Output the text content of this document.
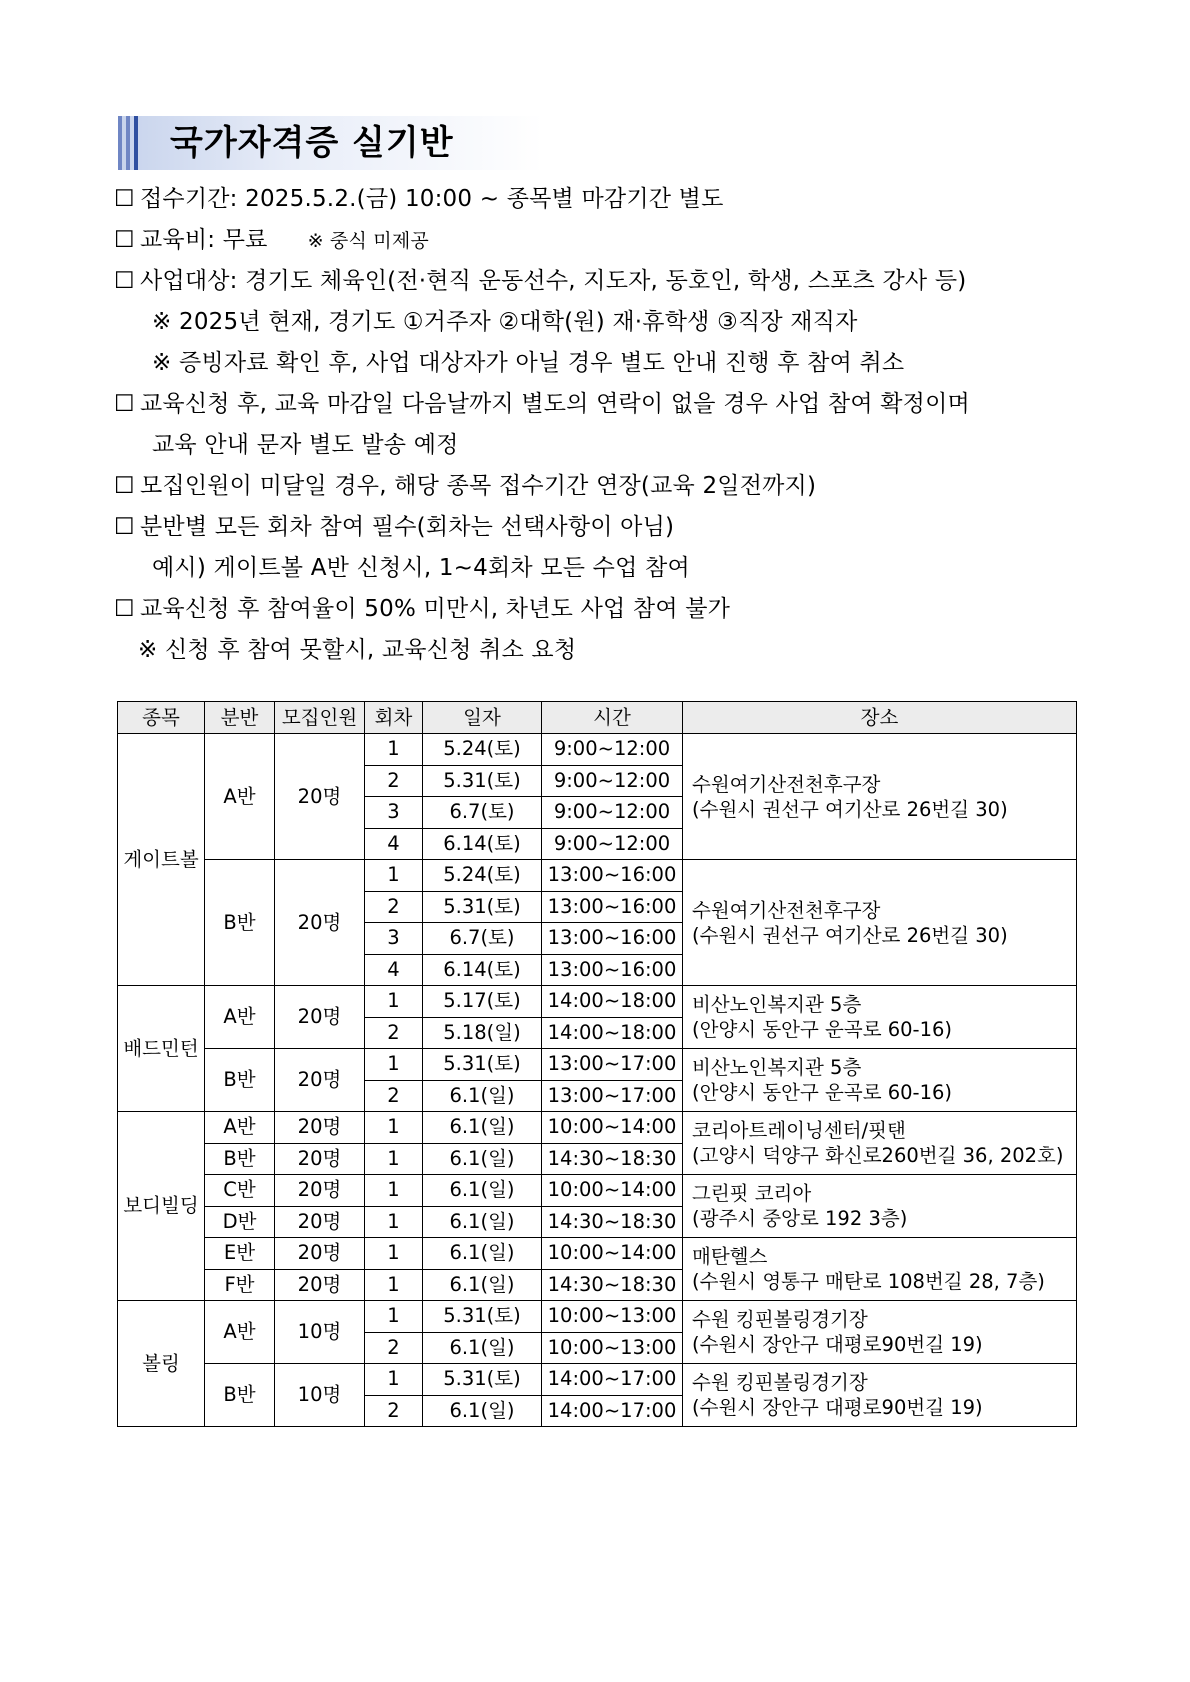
국가자격증 실기반
☐ 접수기간: 2025.5.2.(금) 10:00 ~ 종목별 마감기간 별도
☐ 교육비: 무료 ※ 중식 미제공
☐ 사업대상: 경기도 체육인(전·현직 운동선수, 지도자, 동호인, 학생, 스포츠 강사 등)
※ 2025년 현재, 경기도 ①거주자 ②대학(원) 재·휴학생 ③직장 재직자
※ 증빙자료 확인 후, 사업 대상자가 아닐 경우 별도 안내 진행 후 참여 취소
☐ 교육신청 후, 교육 마감일 다음날까지 별도의 연락이 없을 경우 사업 참여 확정이며
교육 안내 문자 별도 발송 예정
☐ 모집인원이 미달일 경우, 해당 종목 접수기간 연장(교육 2일전까지)
☐ 분반별 모든 회차 참여 필수(회차는 선택사항이 아님)
예시) 게이트볼 A반 신청시, 1~4회차 모든 수업 참여
☐ 교육신청 후 참여율이 50% 미만시, 차년도 사업 참여 불가
※ 신청 후 참여 못할시, 교육신청 취소 요청
종목	분반	모집인원	회차	일자	시간	장소
게이트볼	A반	20명	1	5.24(토)	9:00~12:00	수원여기산전천후구장
(수원시 권선구 여기산로 26번길 30)
			2	5.31(토)	9:00~12:00	
			3	6.7(토)	9:00~12:00	
			4	6.14(토)	9:00~12:00	
	B반	20명	1	5.24(토)	13:00~16:00	수원여기산전천후구장
(수원시 권선구 여기산로 26번길 30)
			2	5.31(토)	13:00~16:00	
			3	6.7(토)	13:00~16:00	
			4	6.14(토)	13:00~16:00	
배드민턴	A반	20명	1	5.17(토)	14:00~18:00	비산노인복지관 5층
(안양시 동안구 운곡로 60-16)
			2	5.18(일)	14:00~18:00	
	B반	20명	1	5.31(토)	13:00~17:00	비산노인복지관 5층
(안양시 동안구 운곡로 60-16)
			2	6.1(일)	13:00~17:00	
보디빌딩	A반	20명	1	6.1(일)	10:00~14:00	코리아트레이닝센터/핏탠
(고양시 덕양구 화신로260번길 36, 202호)
	B반	20명	1	6.1(일)	14:30~18:30	
	C반	20명	1	6.1(일)	10:00~14:00	그린핏 코리아
(광주시 중앙로 192 3층)
	D반	20명	1	6.1(일)	14:30~18:30	
	E반	20명	1	6.1(일)	10:00~14:00	매탄헬스
(수원시 영통구 매탄로 108번길 28, 7층)
	F반	20명	1	6.1(일)	14:30~18:30	
볼링	A반	10명	1	5.31(토)	10:00~13:00	수원 킹핀볼링경기장
(수원시 장안구 대평로90번길 19)
			2	6.1(일)	10:00~13:00	
	B반	10명	1	5.31(토)	14:00~17:00	수원 킹핀볼링경기장
(수원시 장안구 대평로90번길 19)
			2	6.1(일)	14:00~17:00	
